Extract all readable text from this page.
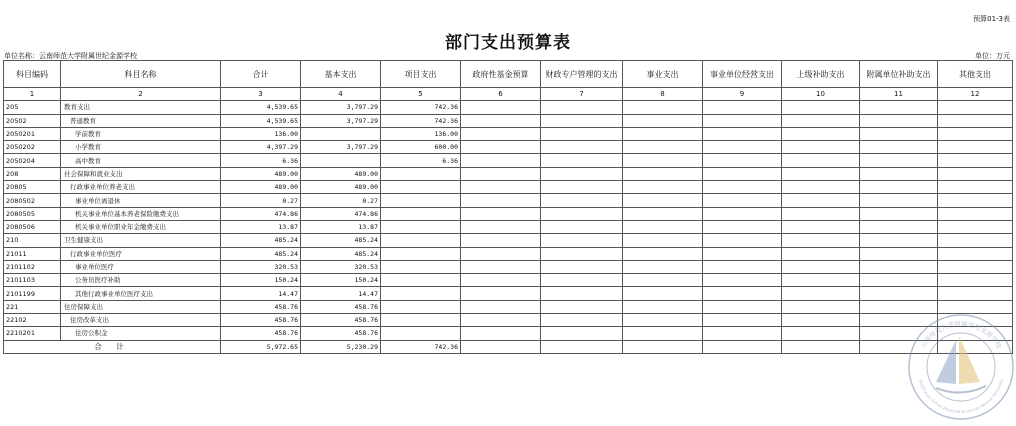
预算01-3表
部门支出预算表
单位名称：云南师范大学附属世纪金源学校	单位：万元
科目编码	科目名称	合计	基本支出	项目支出	政府性基金预算	财政专户管理的支出	事业支出	事业单位经营支出	上级补助支出	附属单位补助支出	其他支出
1	2	3	4	5	6	7	8	9	10	11	12
205	教育支出	4,539.65	3,797.29	742.36							
20502	普通教育	4,539.65	3,797.29	742.36							
2050201	学前教育	136.00		136.00							
2050202	小学教育	4,397.29	3,797.29	600.00							
2050204	高中教育	6.36		6.36							
208	社会保障和就业支出	489.00	489.00								
20805	行政事业单位养老支出	489.00	489.00								
2080502	事业单位离退休	0.27	0.27								
2080505	机关事业单位基本养老保险缴费支出	474.86	474.86								
2080506	机关事业单位职业年金缴费支出	13.87	13.87								
210	卫生健康支出	485.24	485.24								
21011	行政事业单位医疗	485.24	485.24								
2101102	事业单位医疗	320.53	320.53								
2101103	公务员医疗补助	150.24	150.24								
2101199	其他行政事业单位医疗支出	14.47	14.47								
221	住房保障支出	458.76	458.76								
22102	住房改革支出	458.76	458.76								
2210201	住房公积金	458.76	458.76								
合 计		5,972.65	5,230.29	742.36								云南师范大学附属世纪金源学校
Shijijinyuan School Attached to Yunnan Normal University
